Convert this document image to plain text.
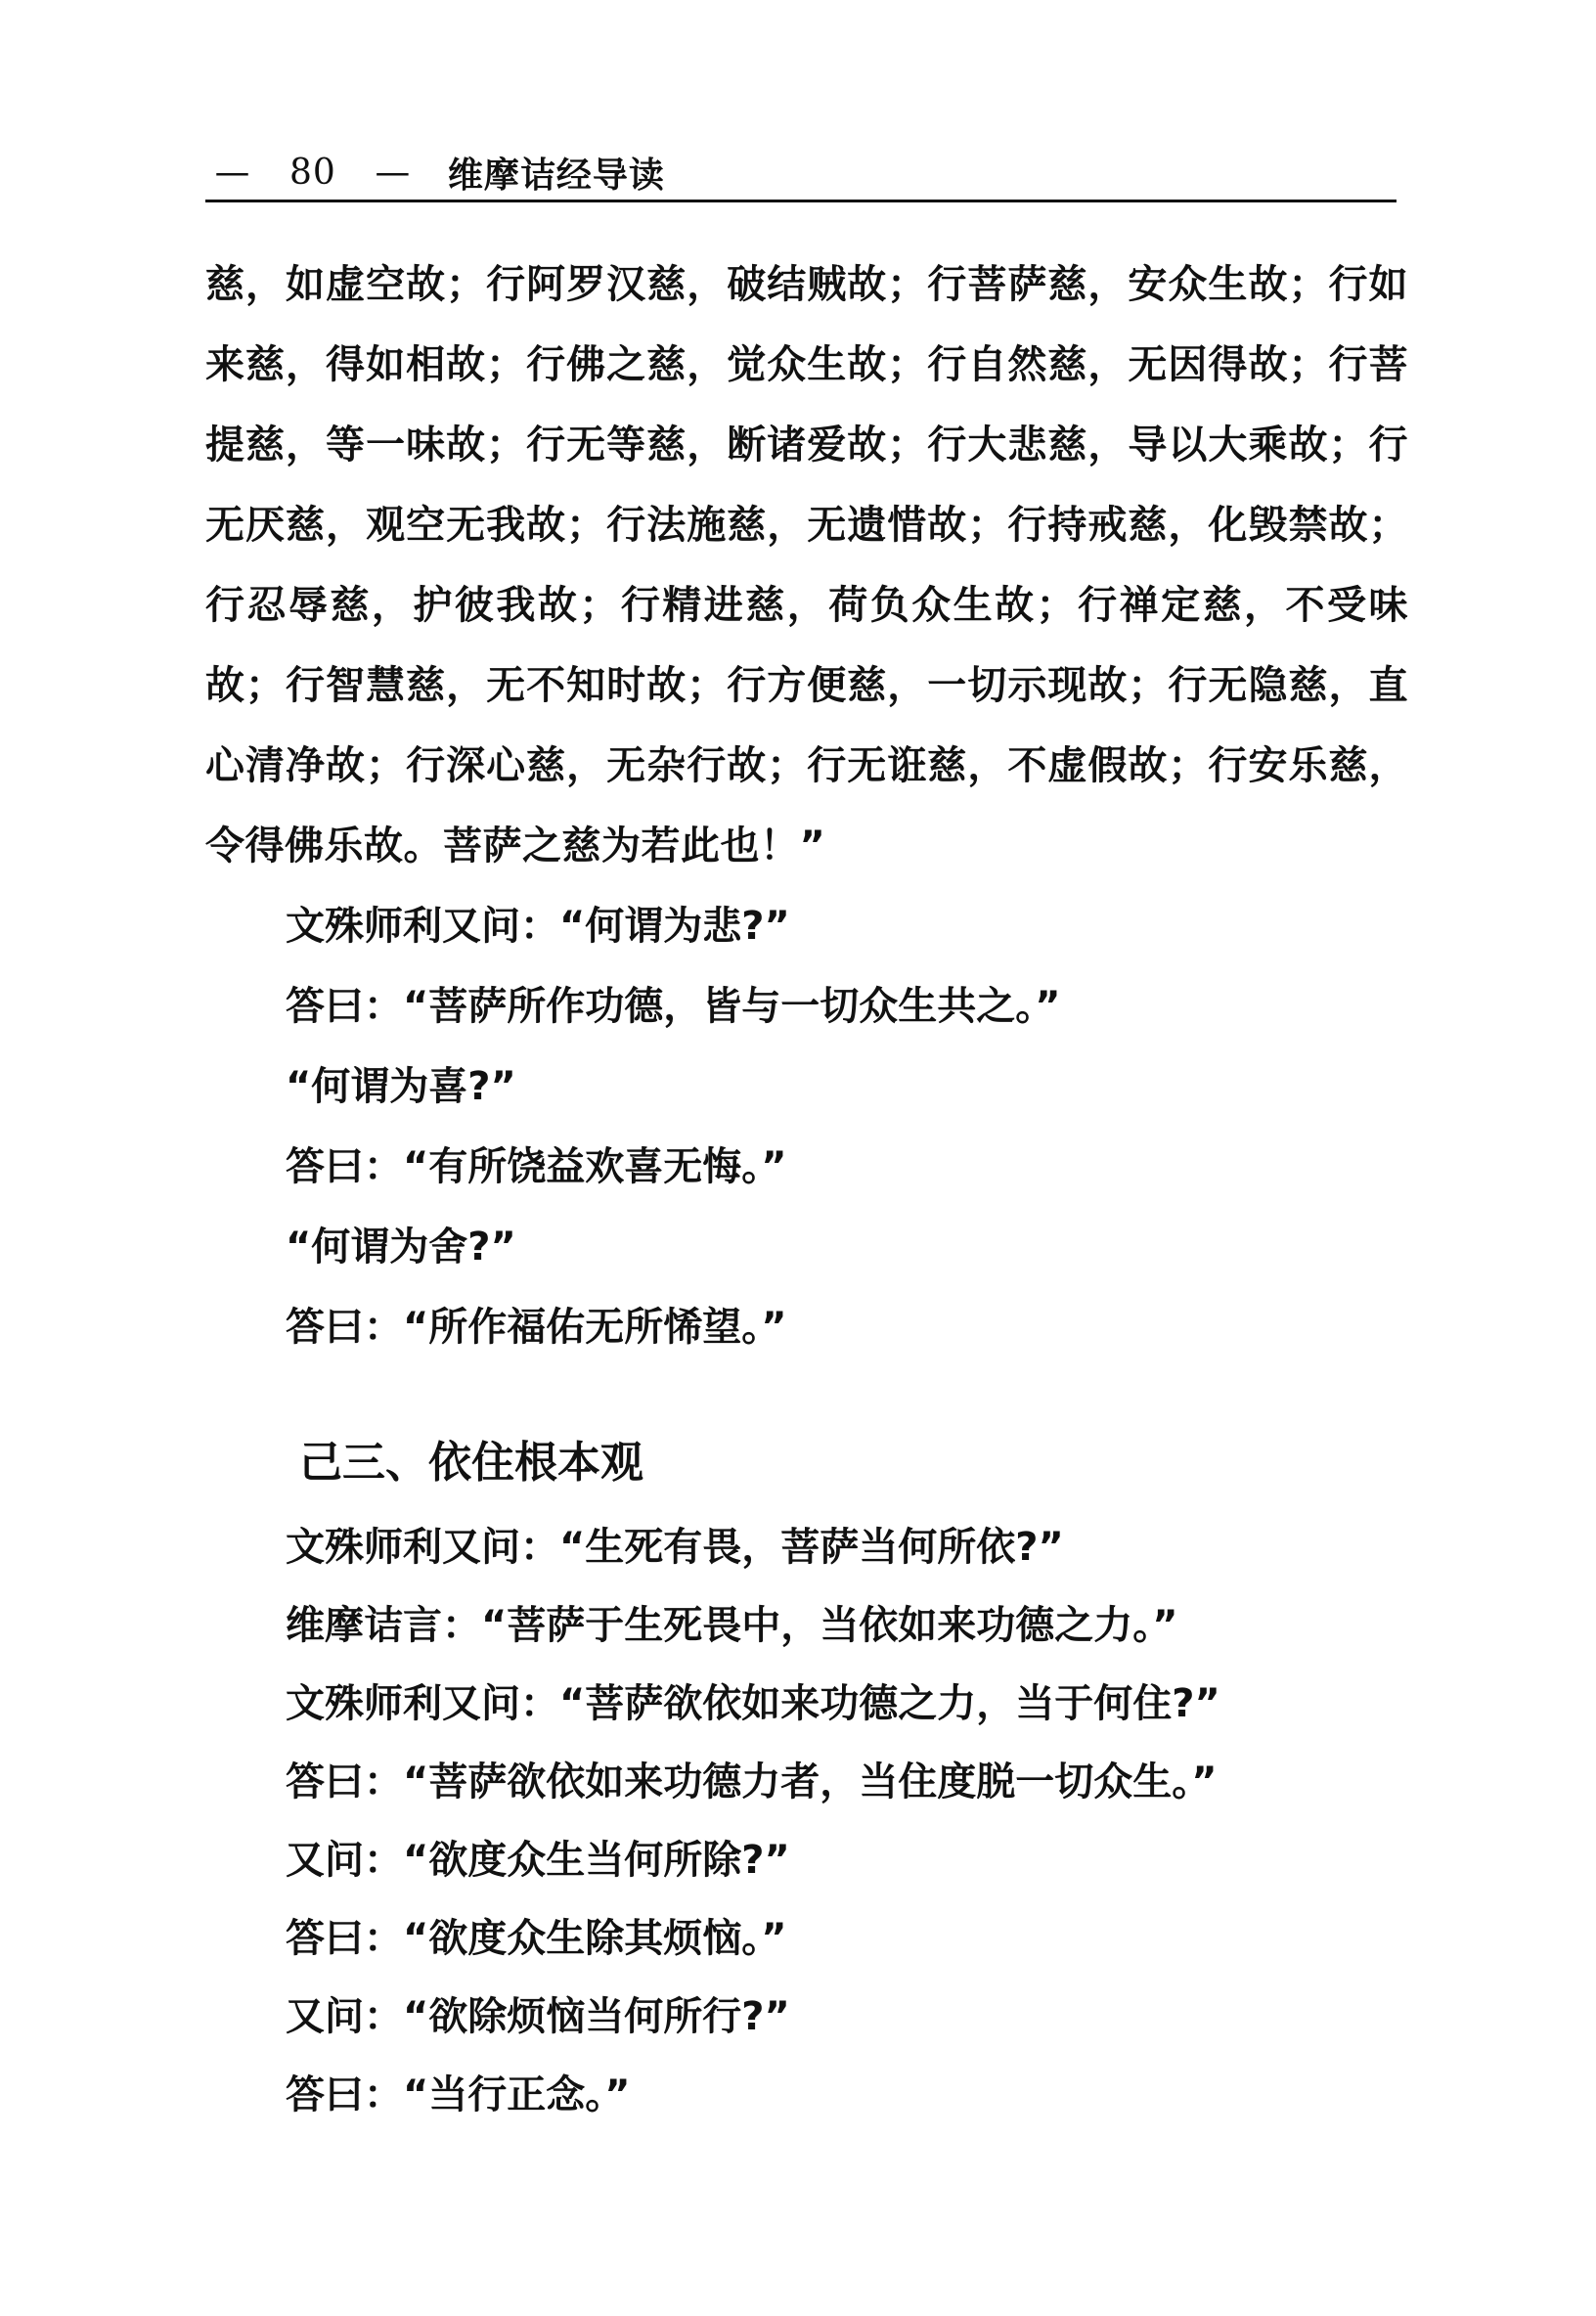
— 80 — 维摩诘经导读

慈，如虚空故；行阿罗汉慈，破结贼故；行菩萨慈，安众生故；行如来慈，得如相故；行佛之慈，觉众生故；行自然慈，无因得故；行菩提慈，等一味故；行无等慈，断诸爱故；行大悲慈，导以大乘故；行无厌慈，观空无我故；行法施慈，无遗惜故；行持戒慈，化毁禁故；行忍辱慈，护彼我故；行精进慈，荷负众生故；行禅定慈，不受味故；行智慧慈，无不知时故；行方便慈，一切示现故；行无隐慈，直心清净故；行深心慈，无杂行故；行无诳慈，不虚假故；行安乐慈，令得佛乐故。菩萨之慈为若此也！”

文殊师利又问：“何谓为悲?”

答曰：“菩萨所作功德，皆与一切众生共之。”

“何谓为喜?”

答曰：“有所饶益欢喜无悔。”

“何谓为舍?”

答曰：“所作福佑无所悕望。”

己三、依住根本观

文殊师利又问：“生死有畏，菩萨当何所依?”

维摩诘言：“菩萨于生死畏中，当依如来功德之力。”

文殊师利又问：“菩萨欲依如来功德之力，当于何住?”

答曰：“菩萨欲依如来功德力者，当住度脱一切众生。”

又问：“欲度众生当何所除?”

答曰：“欲度众生除其烦恼。”

又问：“欲除烦恼当何所行?”

答曰：“当行正念。”
